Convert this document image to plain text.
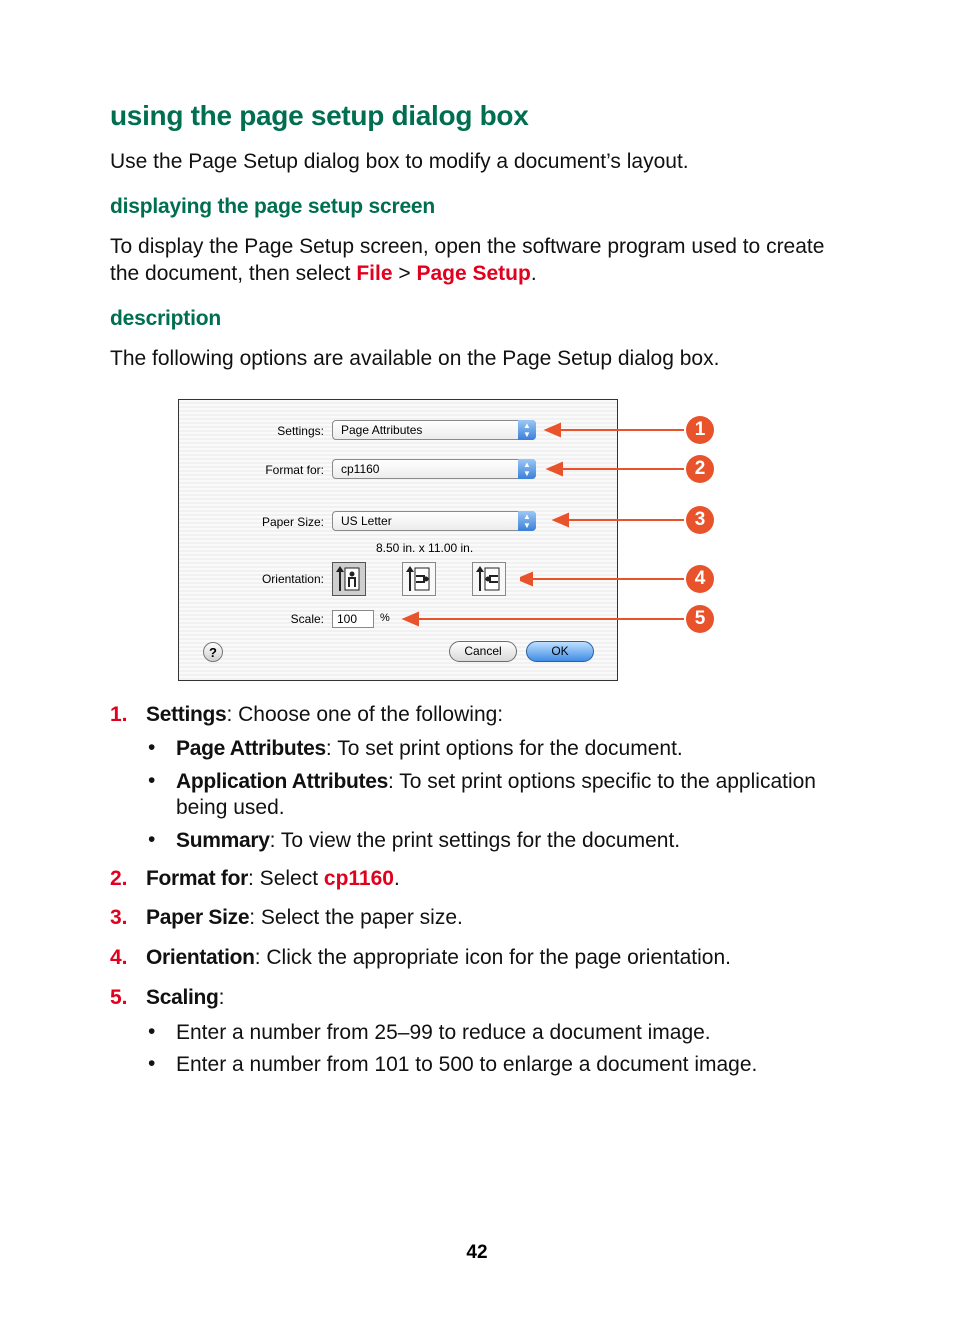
using the page setup dialog box
Use the Page Setup dialog box to modify a document’s layout.
displaying the page setup screen
To display the Page Setup screen, open the software program used to create
the document, then select File > Page Setup.
description
The following options are available on the Page Setup dialog box.
Settings:	Page Attributes	▲
▼
Format for:	cp1160	▲
▼
Paper Size:	US Letter	▲
▼
8.50 in. x 11.00 in.
Orientation:
Scale:	100	%
?	Cancel	OK
1
2
3
4
5
1. Settings: Choose one of the following:
• Page Attributes: To set print options for the document.
• Application Attributes: To set print options specific to the application being used.
• Summary: To view the print settings for the document.
2. Format for: Select cp1160.
3. Paper Size: Select the paper size.
4. Orientation: Click the appropriate icon for the page orientation.
5. Scaling:
• Enter a number from 25–99 to reduce a document image.
• Enter a number from 101 to 500 to enlarge a document image.
42
